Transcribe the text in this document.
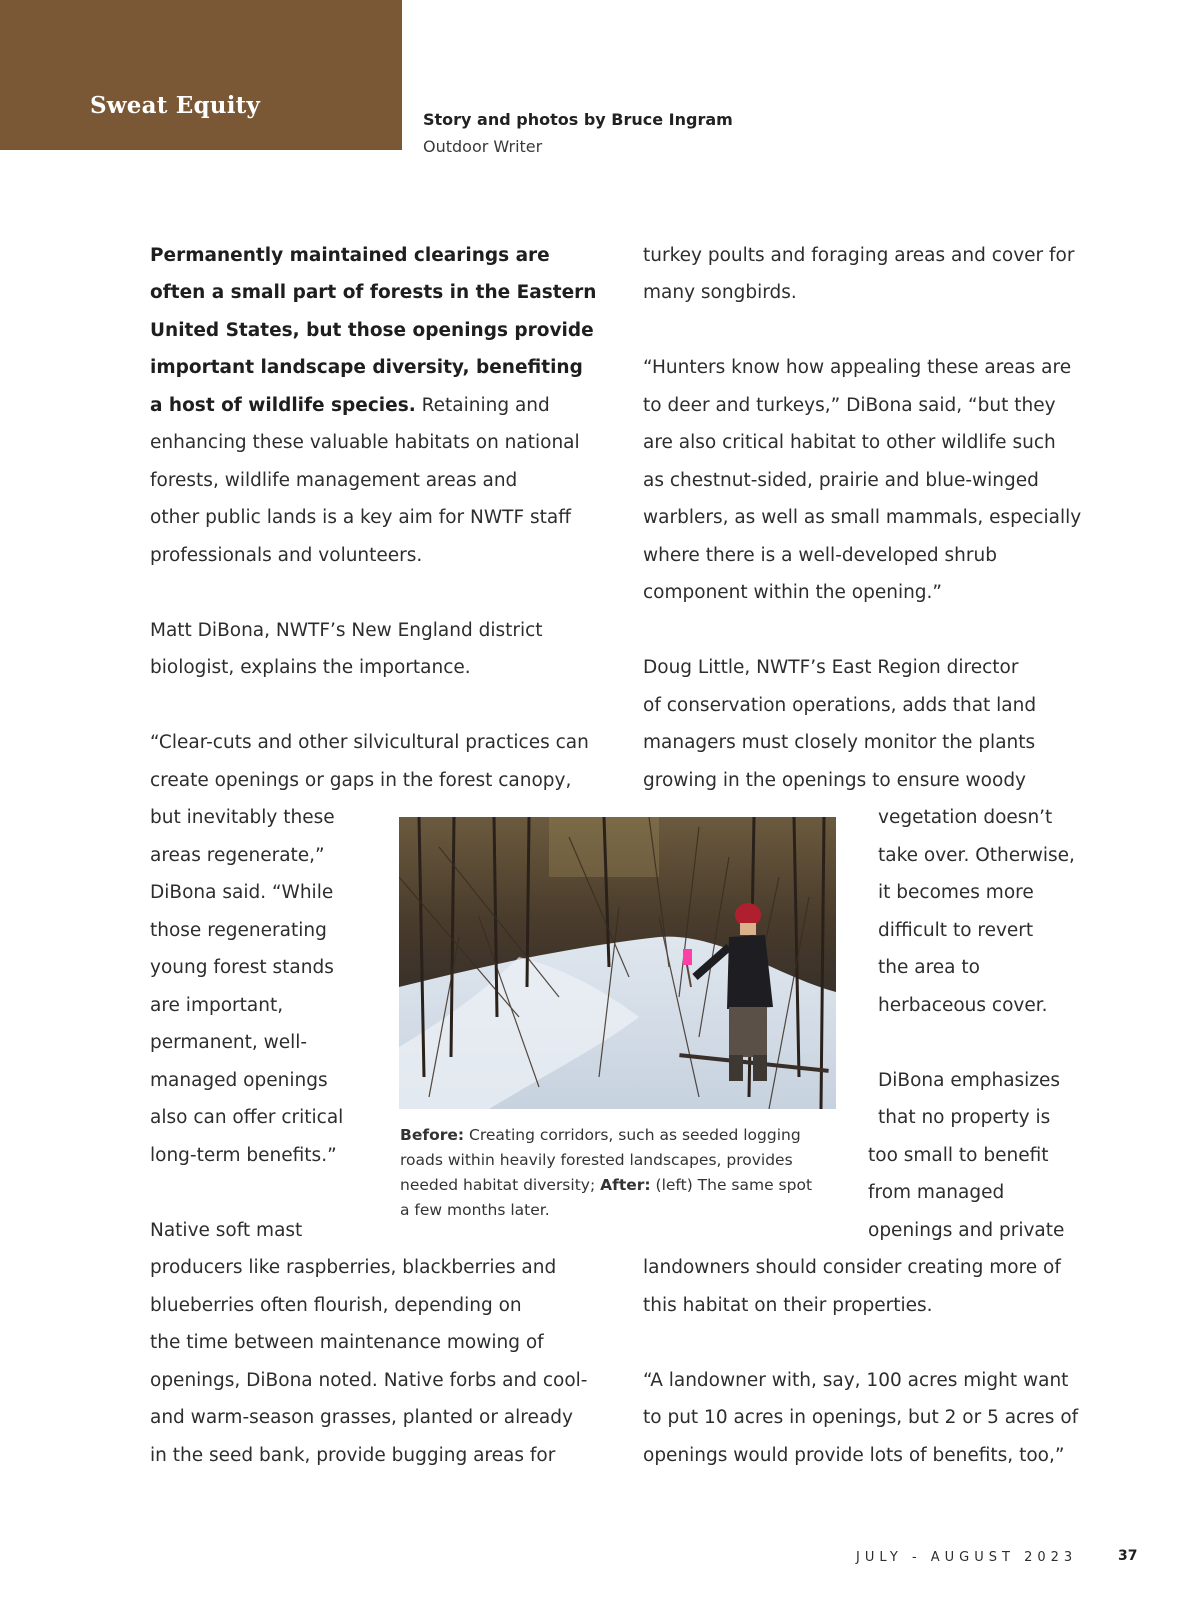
Sweat Equity
Story and photos by Bruce Ingram
Outdoor Writer
Permanently maintained clearings are
often a small part of forests in the Eastern
United States, but those openings provide
important landscape diversity, benefiting
a host of wildlife species. Retaining and
enhancing these valuable habitats on national
forests, wildlife management areas and
other public lands is a key aim for NWTF staff
professionals and volunteers.
Matt DiBona, NWTF’s New England district
biologist, explains the importance.
“Clear-cuts and other silvicultural practices can
create openings or gaps in the forest canopy,
but inevitably these
areas regenerate,”
DiBona said. “While
those regenerating
young forest stands
are important,
permanent, well-
managed openings
also can offer critical
long-term benefits.”
Native soft mast
producers like raspberries, blackberries and
blueberries often flourish, depending on
the time between maintenance mowing of
openings, DiBona noted. Native forbs and cool-
and warm-season grasses, planted or already
in the seed bank, provide bugging areas for
turkey poults and foraging areas and cover for
many songbirds.
“Hunters know how appealing these areas are
to deer and turkeys,” DiBona said, “but they
are also critical habitat to other wildlife such
as chestnut-sided, prairie and blue-winged
warblers, as well as small mammals, especially
where there is a well-developed shrub
component within the opening.”
Doug Little, NWTF’s East Region director
of conservation operations, adds that land
managers must closely monitor the plants
growing in the openings to ensure woody
vegetation doesn’t
take over. Otherwise,
it becomes more
difficult to revert
the area to
herbaceous cover.
DiBona emphasizes
that no property is
too small to benefit
from managed
openings and private
landowners should consider creating more of
this habitat on their properties.
“A landowner with, say, 100 acres might want
to put 10 acres in openings, but 2 or 5 acres of
openings would provide lots of benefits, too,”
Before: Creating corridors, such as seeded logging
roads within heavily forested landscapes, provides
needed habitat diversity; After: (left) The same spot
a few months later.
JULY - AUGUST 2023	37
